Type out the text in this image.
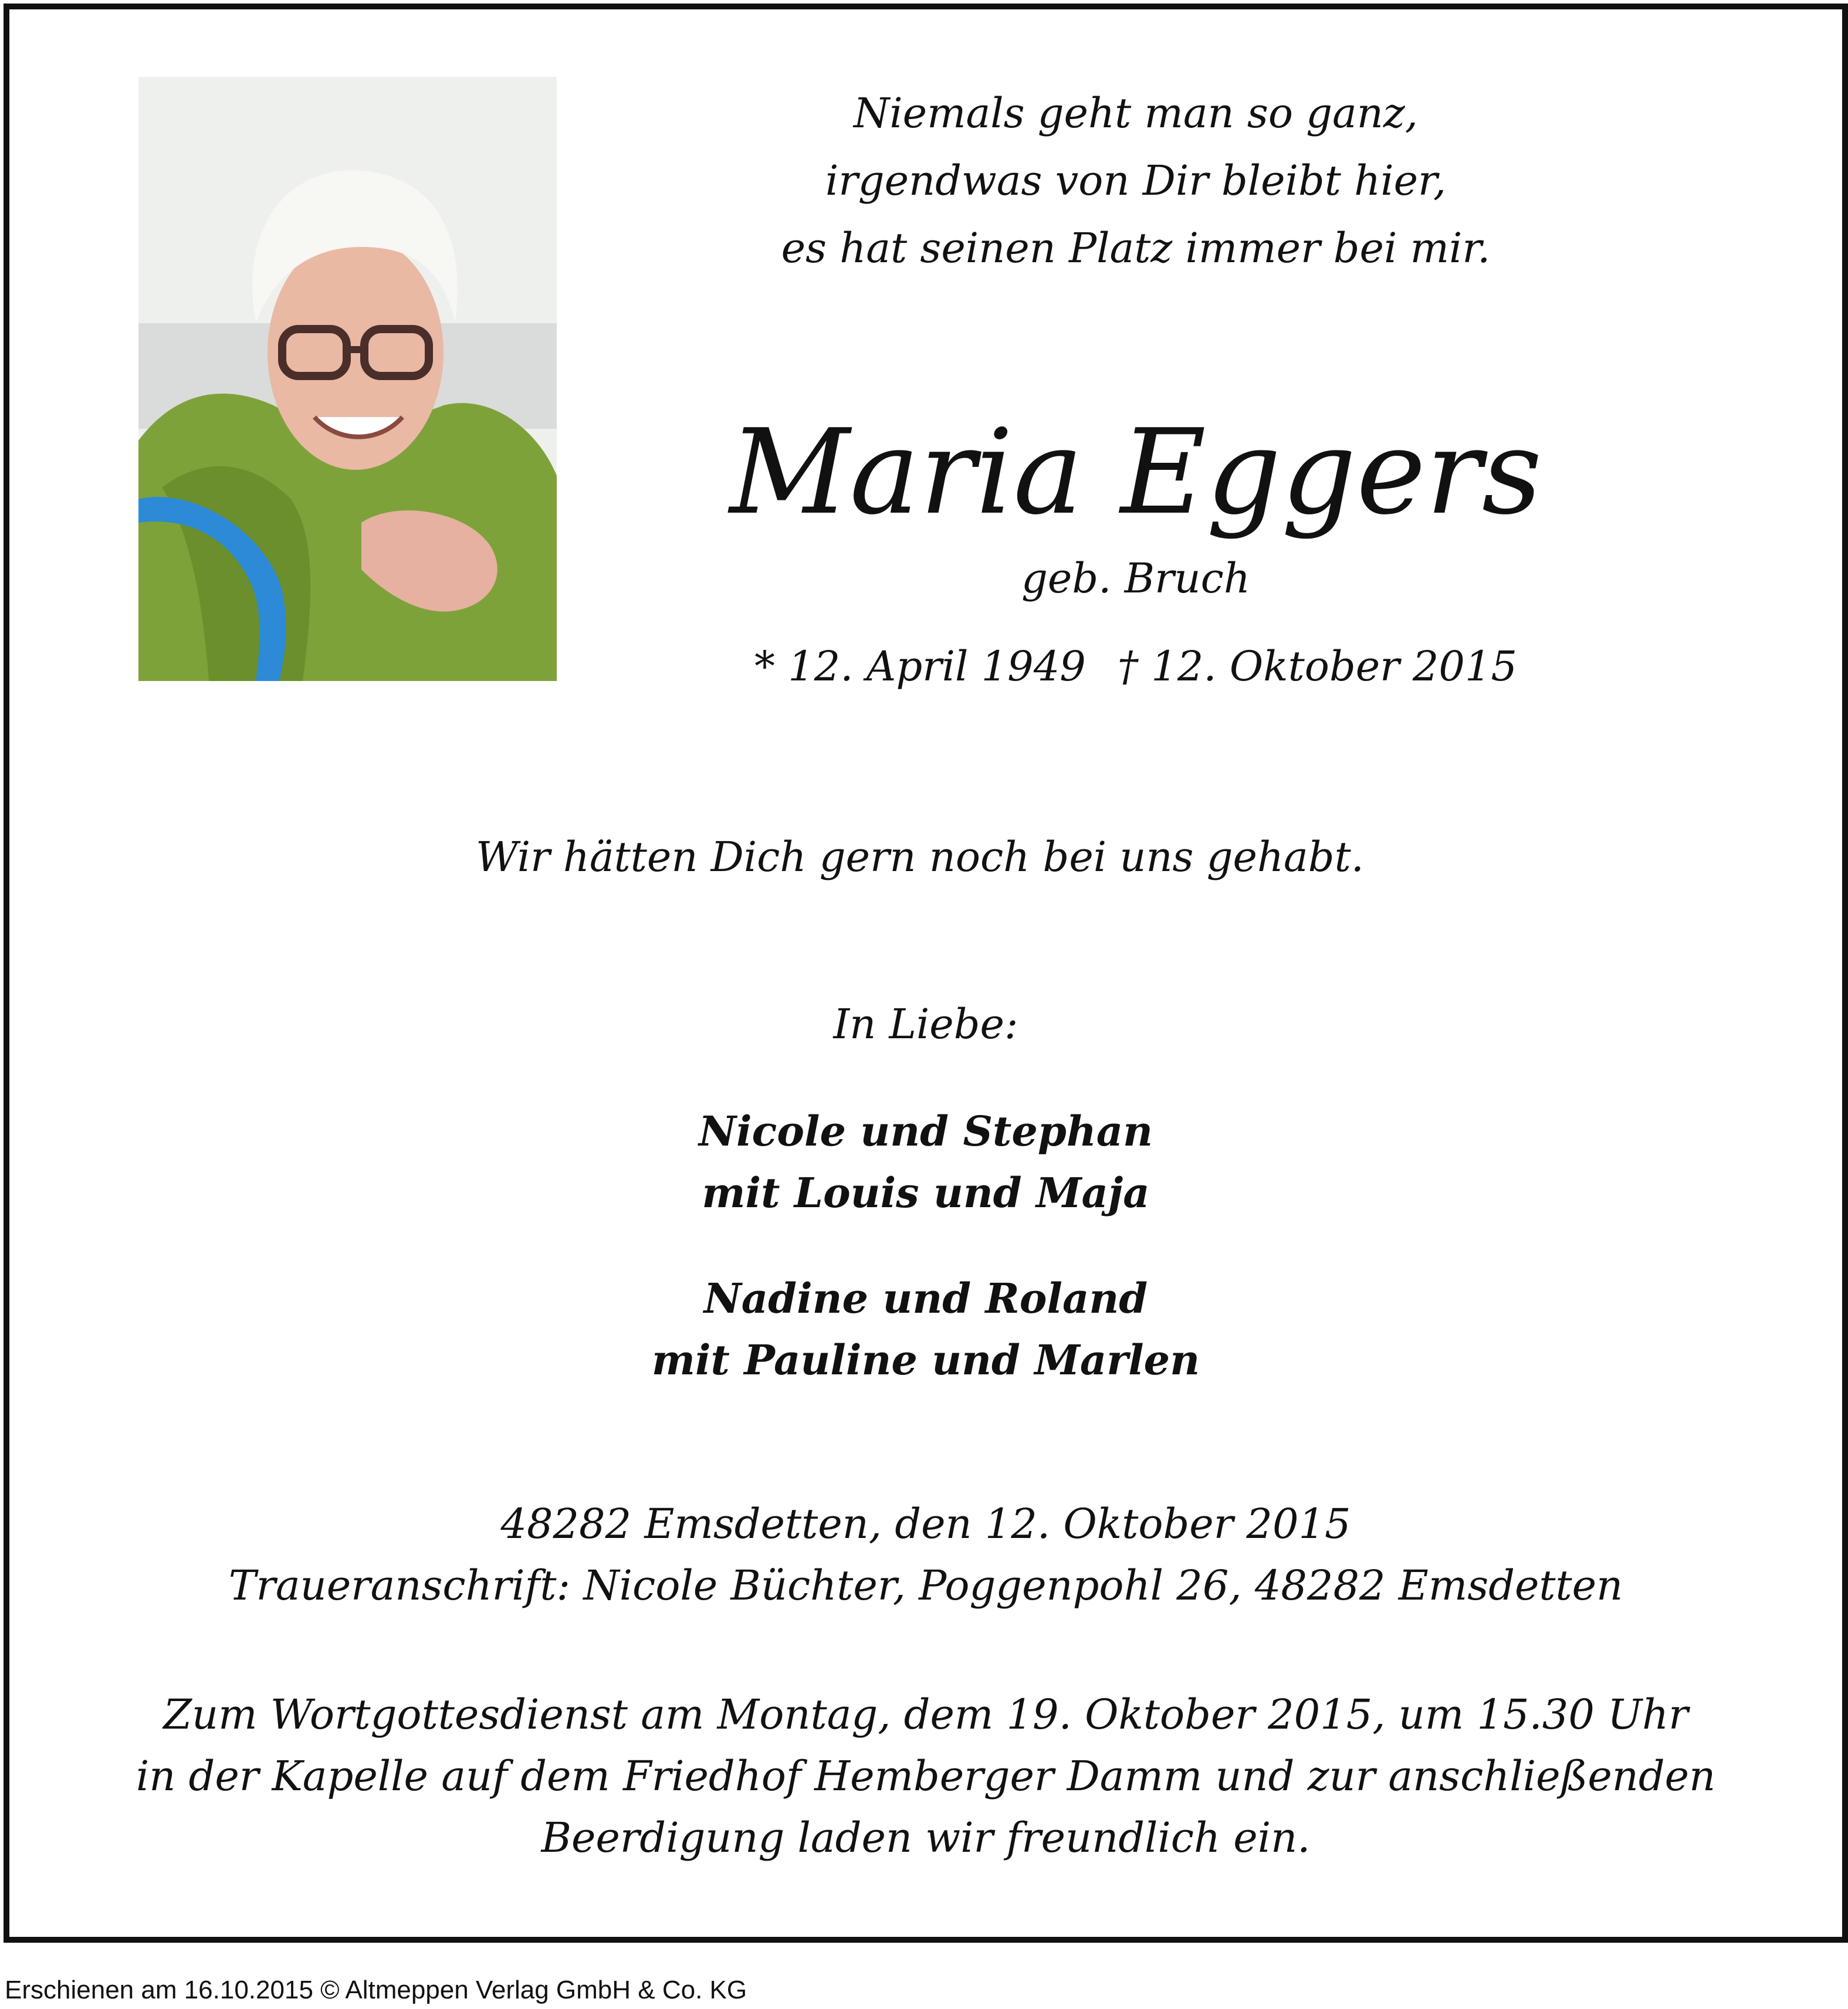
Niemals geht man so ganz,
irgendwas von Dir bleibt hier,
es hat seinen Platz immer bei mir.
Maria Eggers
geb. Bruch
* 12. April 1949 † 12. Oktober 2015
Wir hätten Dich gern noch bei uns gehabt.
In Liebe:
Nicole und Stephan
mit Louis und Maja
Nadine und Roland
mit Pauline und Marlen
48282 Emsdetten, den 12. Oktober 2015
Traueranschrift: Nicole Büchter, Poggenpohl 26, 48282 Emsdetten
Zum Wortgottesdienst am Montag, dem 19. Oktober 2015, um 15.30 Uhr
in der Kapelle auf dem Friedhof Hemberger Damm und zur anschließenden
Beerdigung laden wir freundlich ein.
Erschienen am 16.10.2015 © Altmeppen Verlag GmbH & Co. KG
